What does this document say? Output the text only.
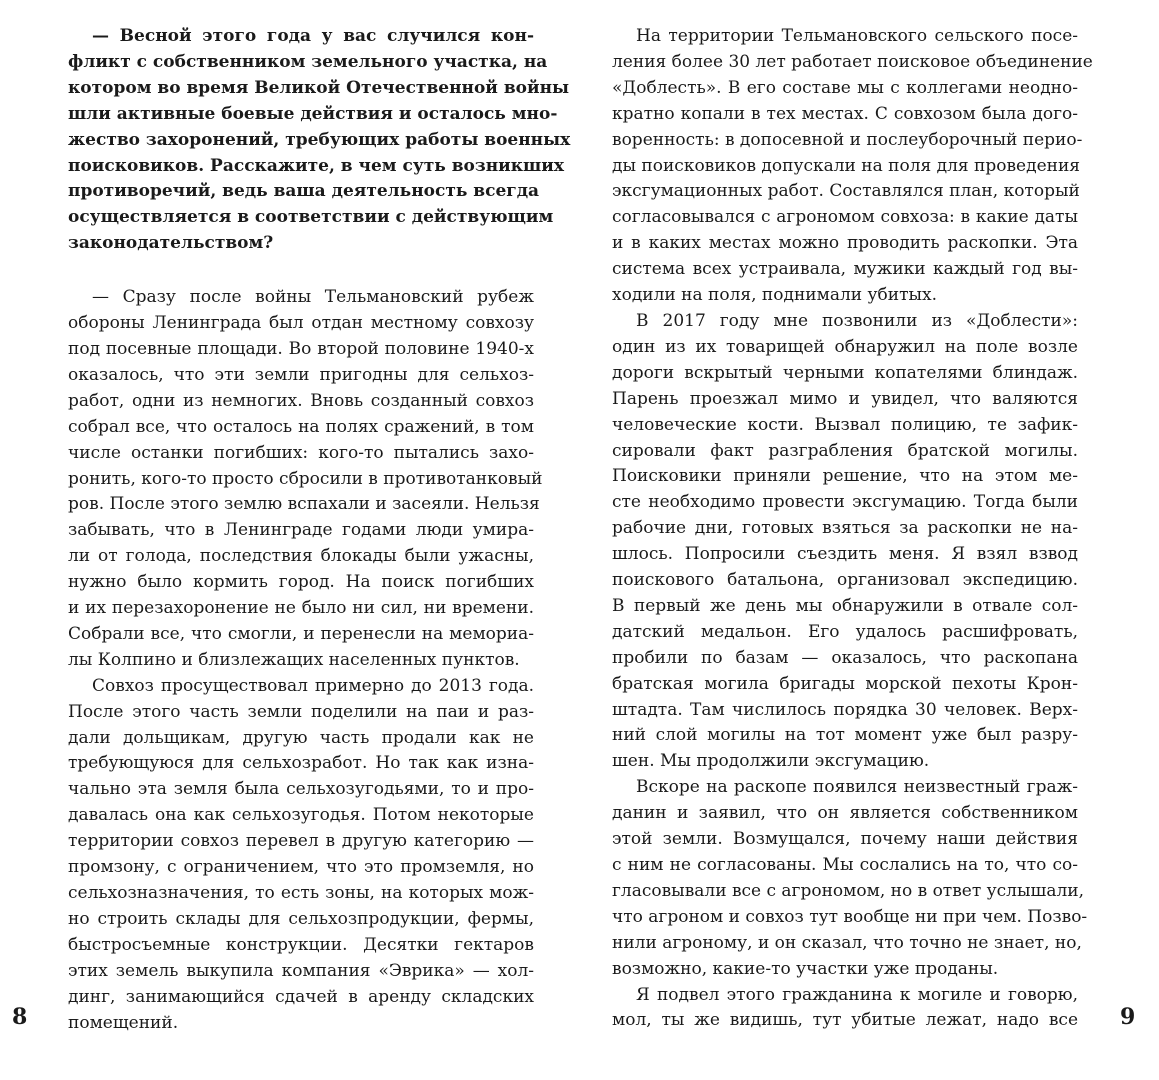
— Весной этого года у вас случился кон-
фликт с собственником земельного участка, на
котором во время Великой Отечественной войны
шли активные боевые действия и осталось мно-
жество захоронений, требующих работы военных
поисковиков. Расскажите, в чем суть возникших
противоречий, ведь ваша деятельность всегда
осуществляется в соответствии с действующим
законодательством?
— Сразу после войны Тельмановский рубеж
обороны Ленинграда был отдан местному совхозу
под посевные площади. Во второй половине 1940-х
оказалось, что эти земли пригодны для сельхоз-
работ, одни из немногих. Вновь созданный совхоз
собрал все, что осталось на полях сражений, в том
числе останки погибших: кого-то пытались захо-
ронить, кого-то просто сбросили в противотанковый
ров. После этого землю вспахали и засеяли. Нельзя
забывать, что в Ленинграде годами люди умира-
ли от голода, последствия блокады были ужасны,
нужно было кормить город. На поиск погибших
и их перезахоронение не было ни сил, ни времени.
Собрали все, что смогли, и перенесли на мемориа-
лы Колпино и близлежащих населенных пунктов.
Совхоз просуществовал примерно до 2013 года.
После этого часть земли поделили на паи и раз-
дали дольщикам, другую часть продали как не
требующуюся для сельхозработ. Но так как изна-
чально эта земля была сельхозугодьями, то и про-
давалась она как сельхозугодья. Потом некоторые
территории совхоз перевел в другую категорию —
промзону, с ограничением, что это промземля, но
сельхозназначения, то есть зоны, на которых мож-
но строить склады для сельхозпродукции, фермы,
быстросъемные конструкции. Десятки гектаров
этих земель выкупила компания «Эврика» — хол-
динг, занимающийся сдачей в аренду складских
помещений.
На территории Тельмановского сельского посе-
ления более 30 лет работает поисковое объединение
«Доблесть». В его составе мы с коллегами неодно-
кратно копали в тех местах. С совхозом была дого-
воренность: в допосевной и послеуборочный перио-
ды поисковиков допускали на поля для проведения
эксгумационных работ. Составлялся план, который
согласовывался с агрономом совхоза: в какие даты
и в каких местах можно проводить раскопки. Эта
система всех устраивала, мужики каждый год вы-
ходили на поля, поднимали убитых.
В 2017 году мне позвонили из «Доблести»:
один из их товарищей обнаружил на поле возле
дороги вскрытый черными копателями блиндаж.
Парень проезжал мимо и увидел, что валяются
человеческие кости. Вызвал полицию, те зафик-
сировали факт разграбления братской могилы.
Поисковики приняли решение, что на этом ме-
сте необходимо провести эксгумацию. Тогда были
рабочие дни, готовых взяться за раскопки не на-
шлось. Попросили съездить меня. Я взял взвод
поискового батальона, организовал экспедицию.
В первый же день мы обнаружили в отвале сол-
датский медальон. Его удалось расшифровать,
пробили по базам — оказалось, что раскопана
братская могила бригады морской пехоты Крон-
штадта. Там числилось порядка 30 человек. Верх-
ний слой могилы на тот момент уже был разру-
шен. Мы продолжили эксгумацию.
Вскоре на раскопе появился неизвестный граж-
данин и заявил, что он является собственником
этой земли. Возмущался, почему наши действия
с ним не согласованы. Мы сослались на то, что со-
гласовывали все с агрономом, но в ответ услышали,
что агроном и совхоз тут вообще ни при чем. Позво-
нили агроному, и он сказал, что точно не знает, но,
возможно, какие-то участки уже проданы.
Я подвел этого гражданина к могиле и говорю,
мол, ты же видишь, тут убитые лежат, надо все
8	9
